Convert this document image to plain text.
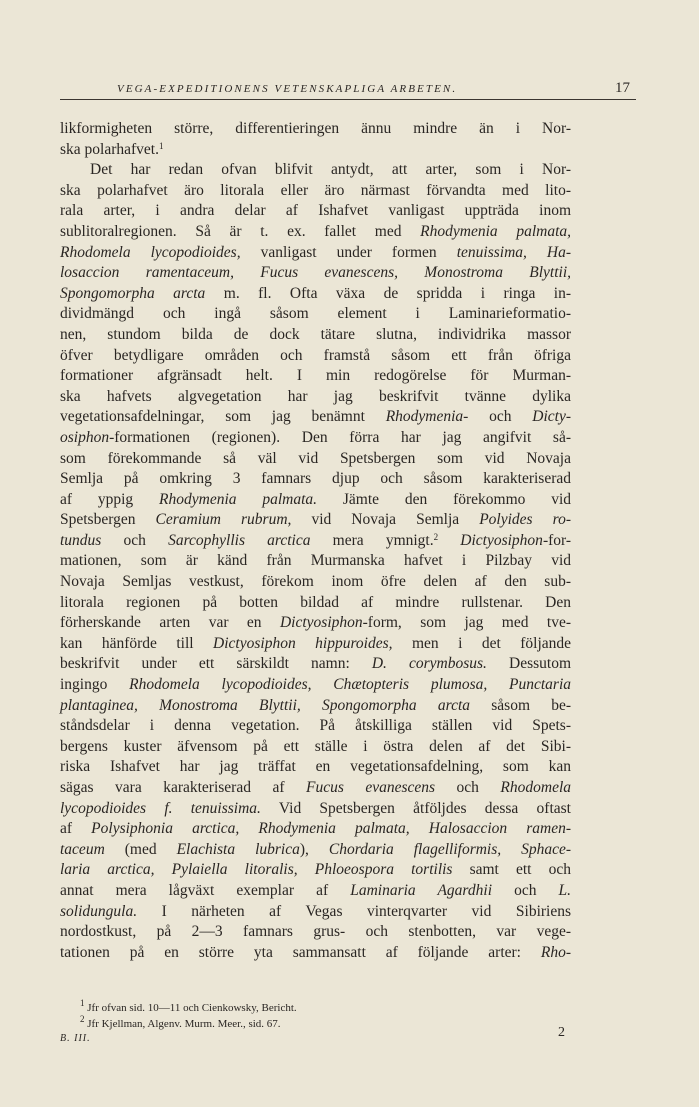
VEGA-EXPEDITIONENS VETENSKAPLIGA ARBETEN.	17
likformigheten större, differentieringen ännu mindre än i Nor-
ska polarhafvet.$^1$
Det har redan ofvan blifvit antydt, att arter, som i Nor-
ska polarhafvet äro litorala eller äro närmast förvandta med lito-
rala arter, i andra delar af Ishafvet vanligast uppträda inom
sublitoralregionen. Så är t. ex. fallet med Rhodymenia palmata,
Rhodomela lycopodioides, vanligast under formen tenuissima, Ha-
losaccion ramentaceum, Fucus evanescens, Monostroma Blyttii,
Spongomorpha arcta m. fl. Ofta växa de spridda i ringa in-
dividmängd och ingå såsom element i Laminarieformatio-
nen, stundom bilda de dock tätare slutna, individrika massor
öfver betydligare områden och framstå såsom ett från öfriga
formationer afgränsadt helt. I min redogörelse för Murman-
ska hafvets algvegetation har jag beskrifvit tvänne dylika
vegetationsafdelningar, som jag benämnt Rhodymenia- och Dicty-
osiphon-formationen (regionen). Den förra har jag angifvit så-
som förekommande så väl vid Spetsbergen som vid Novaja
Semlja på omkring 3 famnars djup och såsom karakteriserad
af yppig Rhodymenia palmata. Jämte den förekommo vid
Spetsbergen Ceramium rubrum, vid Novaja Semlja Polyides ro-
tundus och Sarcophyllis arctica mera ymnigt.$^2$ Dictyosiphon-for-
mationen, som är känd från Murmanska hafvet i Pilzbay vid
Novaja Semljas vestkust, förekom inom öfre delen af den sub-
litorala regionen på botten bildad af mindre rullstenar. Den
förherskande arten var en Dictyosiphon-form, som jag med tve-
kan hänförde till Dictyosiphon hippuroides, men i det följande
beskrifvit under ett särskildt namn: D. corymbosus. Dessutom
ingingo Rhodomela lycopodioides, Chætopteris plumosa, Punctaria
plantaginea, Monostroma Blyttii, Spongomorpha arcta såsom be-
ståndsdelar i denna vegetation. På åtskilliga ställen vid Spets-
bergens kuster äfvensom på ett ställe i östra delen af det Sibi-
riska Ishafvet har jag träffat en vegetationsafdelning, som kan
sägas vara karakteriserad af Fucus evanescens och Rhodomela
lycopodioides f. tenuissima. Vid Spetsbergen åtföljdes dessa oftast
af Polysiphonia arctica, Rhodymenia palmata, Halosaccion ramen-
taceum (med Elachista lubrica), Chordaria flagelliformis, Sphace-
laria arctica, Pylaiella litoralis, Phloeospora tortilis samt ett och
annat mera lågväxt exemplar af Laminaria Agardhii och L.
solidungula. I närheten af Vegas vinterqvarter vid Sibiriens
nordostkust, på 2—3 famnars grus- och stenbotten, var vege-
tationen på en större yta sammansatt af följande arter: Rho-
$^1$ Jfr ofvan sid. 10—11 och Cienkowsky, Bericht.
$^2$ Jfr Kjellman, Algenv. Murm. Meer., sid. 67.
B. III.	2
